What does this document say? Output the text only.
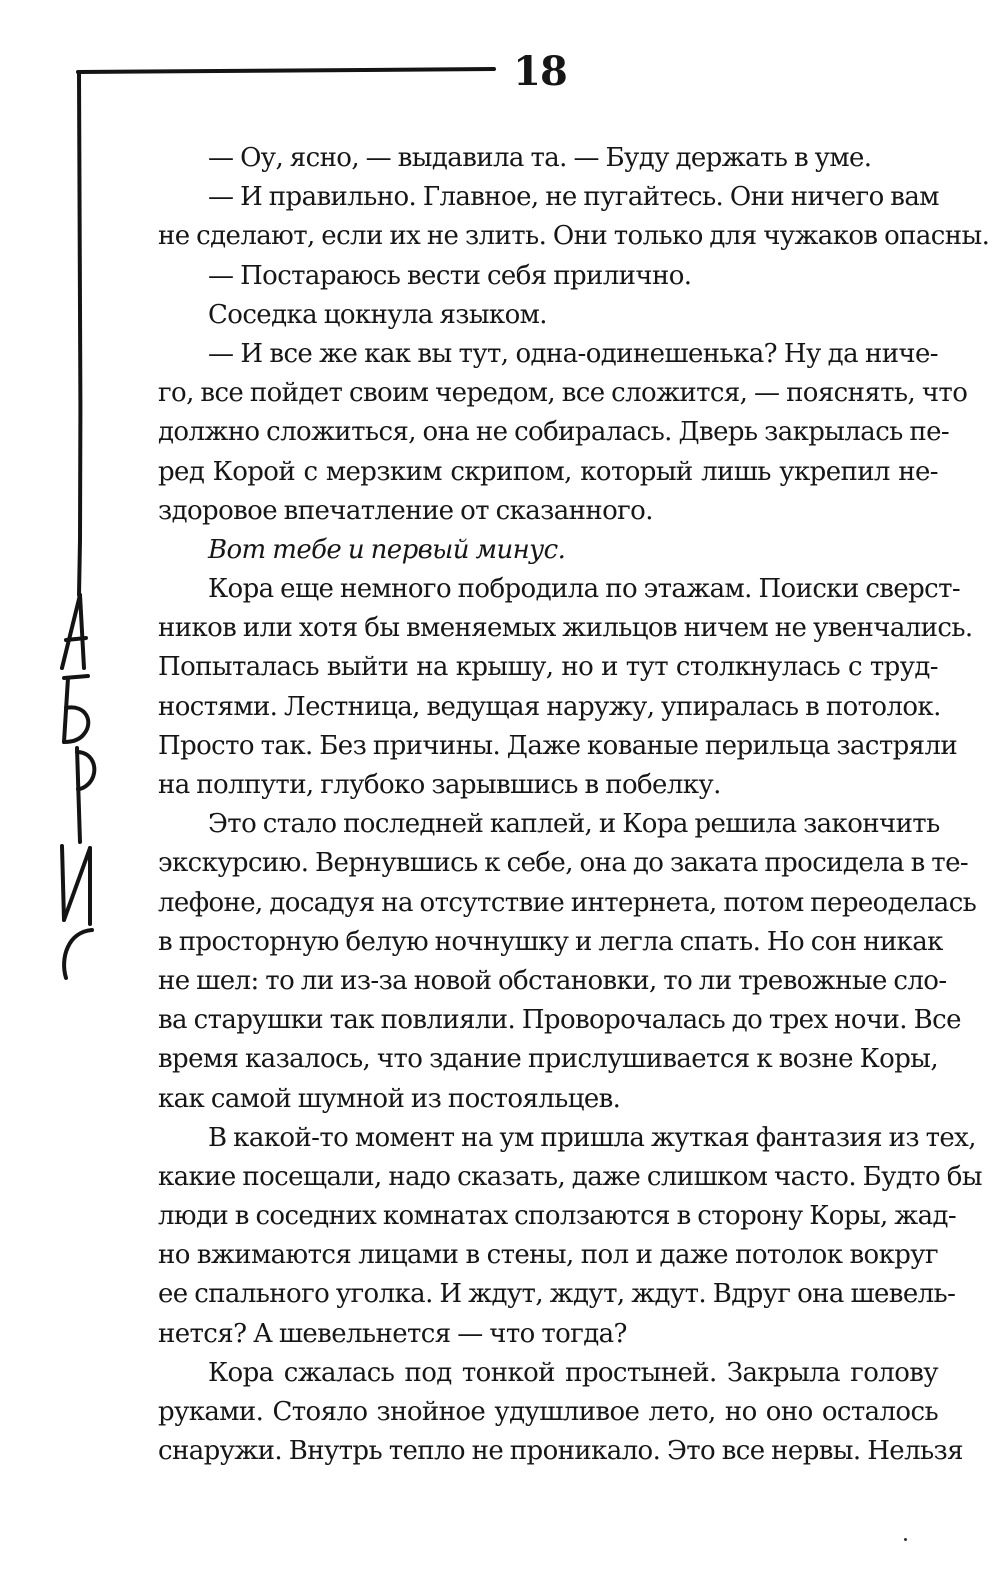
18
— Оу, ясно, — выдавила та. — Буду держать в уме.
— И правильно. Главное, не пугайтесь. Они ничего вам
не сделают, если их не злить. Они только для чужаков опасны.
— Постараюсь вести себя прилично.
Соседка цокнула языком.
— И все же как вы тут, одна-одинешенька? Ну да ниче-
го, все пойдет своим чередом, все сложится, — пояснять, что
должно сложиться, она не собиралась. Дверь закрылась пе-
ред Корой с мерзким скрипом, который лишь укрепил не-
здоровое впечатление от сказанного.
Вот тебе и первый минус.
Кора еще немного побродила по этажам. Поиски сверст-
ников или хотя бы вменяемых жильцов ничем не увенчались.
Попыталась выйти на крышу, но и тут столкнулась с труд-
ностями. Лестница, ведущая наружу, упиралась в потолок.
Просто так. Без причины. Даже кованые перильца застряли
на полпути, глубоко зарывшись в побелку.
Это стало последней каплей, и Кора решила закончить
экскурсию. Вернувшись к себе, она до заката просидела в те-
лефоне, досадуя на отсутствие интернета, потом переоделась
в просторную белую ночнушку и легла спать. Но сон никак
не шел: то ли из-за новой обстановки, то ли тревожные сло-
ва старушки так повлияли. Проворочалась до трех ночи. Все
время казалось, что здание прислушивается к возне Коры,
как самой шумной из постояльцев.
В какой-то момент на ум пришла жуткая фантазия из тех,
какие посещали, надо сказать, даже слишком часто. Будто бы
люди в соседних комнатах сползаются в сторону Коры, жад-
но вжимаются лицами в стены, пол и даже потолок вокруг
ее спального уголка. И ждут, ждут, ждут. Вдруг она шевель-
нется? А шевельнется — что тогда?
Кора сжалась под тонкой простыней. Закрыла голову
руками. Стояло знойное удушливое лето, но оно осталось
снаружи. Внутрь тепло не проникало. Это все нервы. Нельзя
